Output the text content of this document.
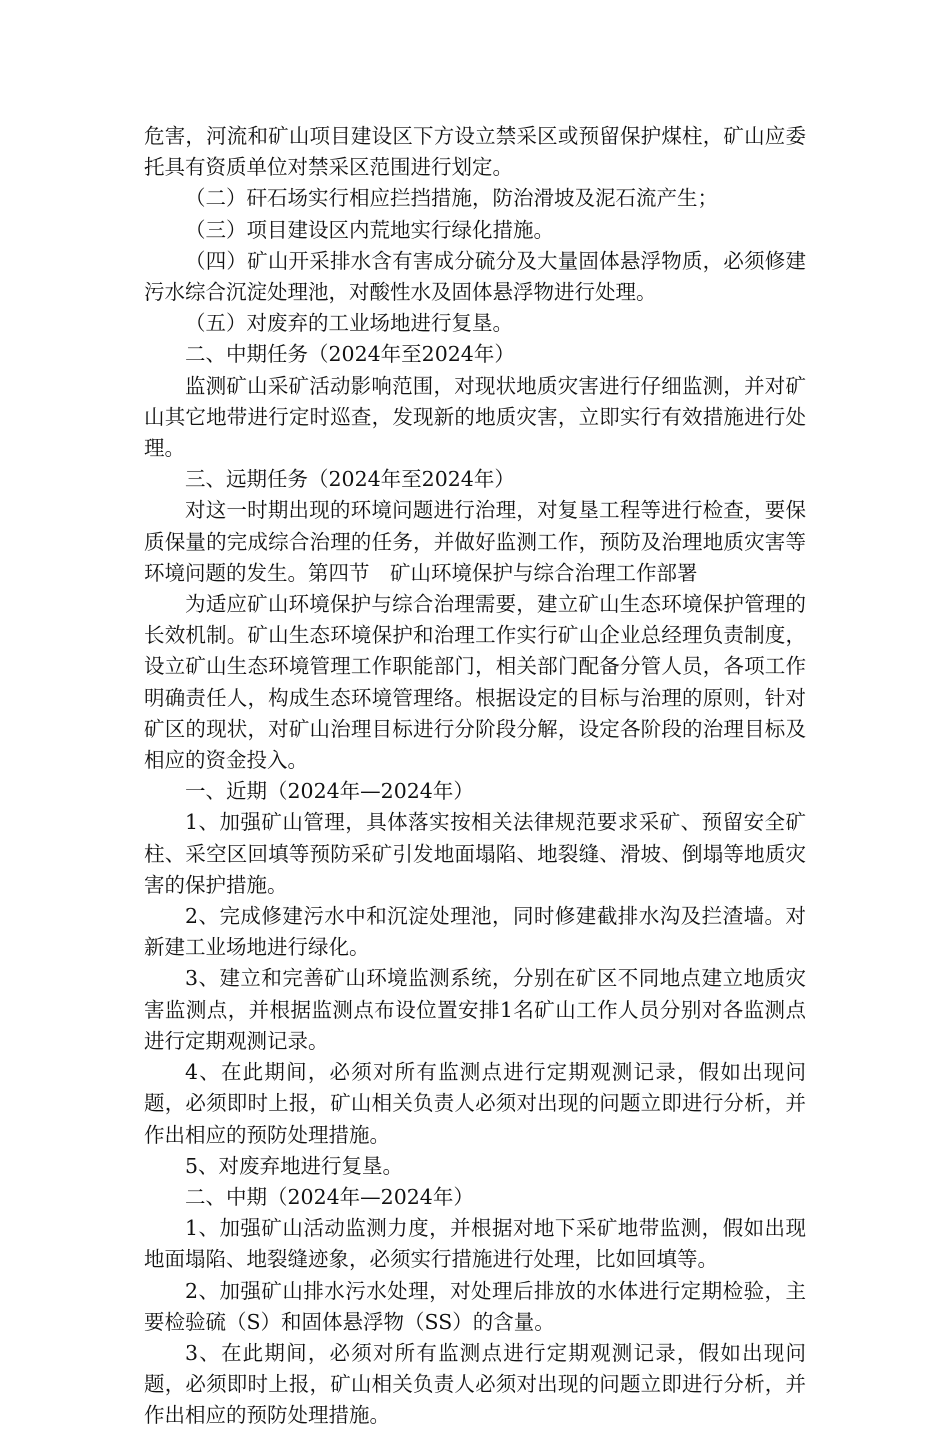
危害，河流和矿山项目建设区下方设立禁采区或预留保护煤柱，矿山应委托具有资质单位对禁采区范围进行划定。

（二）矸石场实行相应拦挡措施，防治滑坡及泥石流产生；

（三）项目建设区内荒地实行绿化措施。

（四）矿山开采排水含有害成分硫分及大量固体悬浮物质，必须修建污水综合沉淀处理池，对酸性水及固体悬浮物进行处理。

（五）对废弃的工业场地进行复垦。

二、中期任务（2024年至2024年）

监测矿山采矿活动影响范围，对现状地质灾害进行仔细监测，并对矿山其它地带进行定时巡查，发现新的地质灾害，立即实行有效措施进行处理。

三、远期任务（2024年至2024年）

对这一时期出现的环境问题进行治理，对复垦工程等进行检查，要保质保量的完成综合治理的任务，并做好监测工作，预防及治理地质灾害等环境问题的发生。第四节　矿山环境保护与综合治理工作部署

为适应矿山环境保护与综合治理需要，建立矿山生态环境保护管理的长效机制。矿山生态环境保护和治理工作实行矿山企业总经理负责制度，设立矿山生态环境管理工作职能部门，相关部门配备分管人员，各项工作明确责任人，构成生态环境管理络。根据设定的目标与治理的原则，针对矿区的现状，对矿山治理目标进行分阶段分解，设定各阶段的治理目标及相应的资金投入。

一、近期（2024年—2024年）

1、加强矿山管理，具体落实按相关法律规范要求采矿、预留安全矿柱、采空区回填等预防采矿引发地面塌陷、地裂缝、滑坡、倒塌等地质灾害的保护措施。

2、完成修建污水中和沉淀处理池，同时修建截排水沟及拦渣墙。对新建工业场地进行绿化。

3、建立和完善矿山环境监测系统，分别在矿区不同地点建立地质灾害监测点，并根据监测点布设位置安排1名矿山工作人员分别对各监测点进行定期观测记录。

4、在此期间，必须对所有监测点进行定期观测记录，假如出现问题，必须即时上报，矿山相关负责人必须对出现的问题立即进行分析，并作出相应的预防处理措施。

5、对废弃地进行复垦。

二、中期（2024年—2024年）

1、加强矿山活动监测力度，并根据对地下采矿地带监测，假如出现地面塌陷、地裂缝迹象，必须实行措施进行处理，比如回填等。

2、加强矿山排水污水处理，对处理后排放的水体进行定期检验，主要检验硫（S）和固体悬浮物（SS）的含量。

3、在此期间，必须对所有监测点进行定期观测记录，假如出现问题，必须即时上报，矿山相关负责人必须对出现的问题立即进行分析，并作出相应的预防处理措施。
